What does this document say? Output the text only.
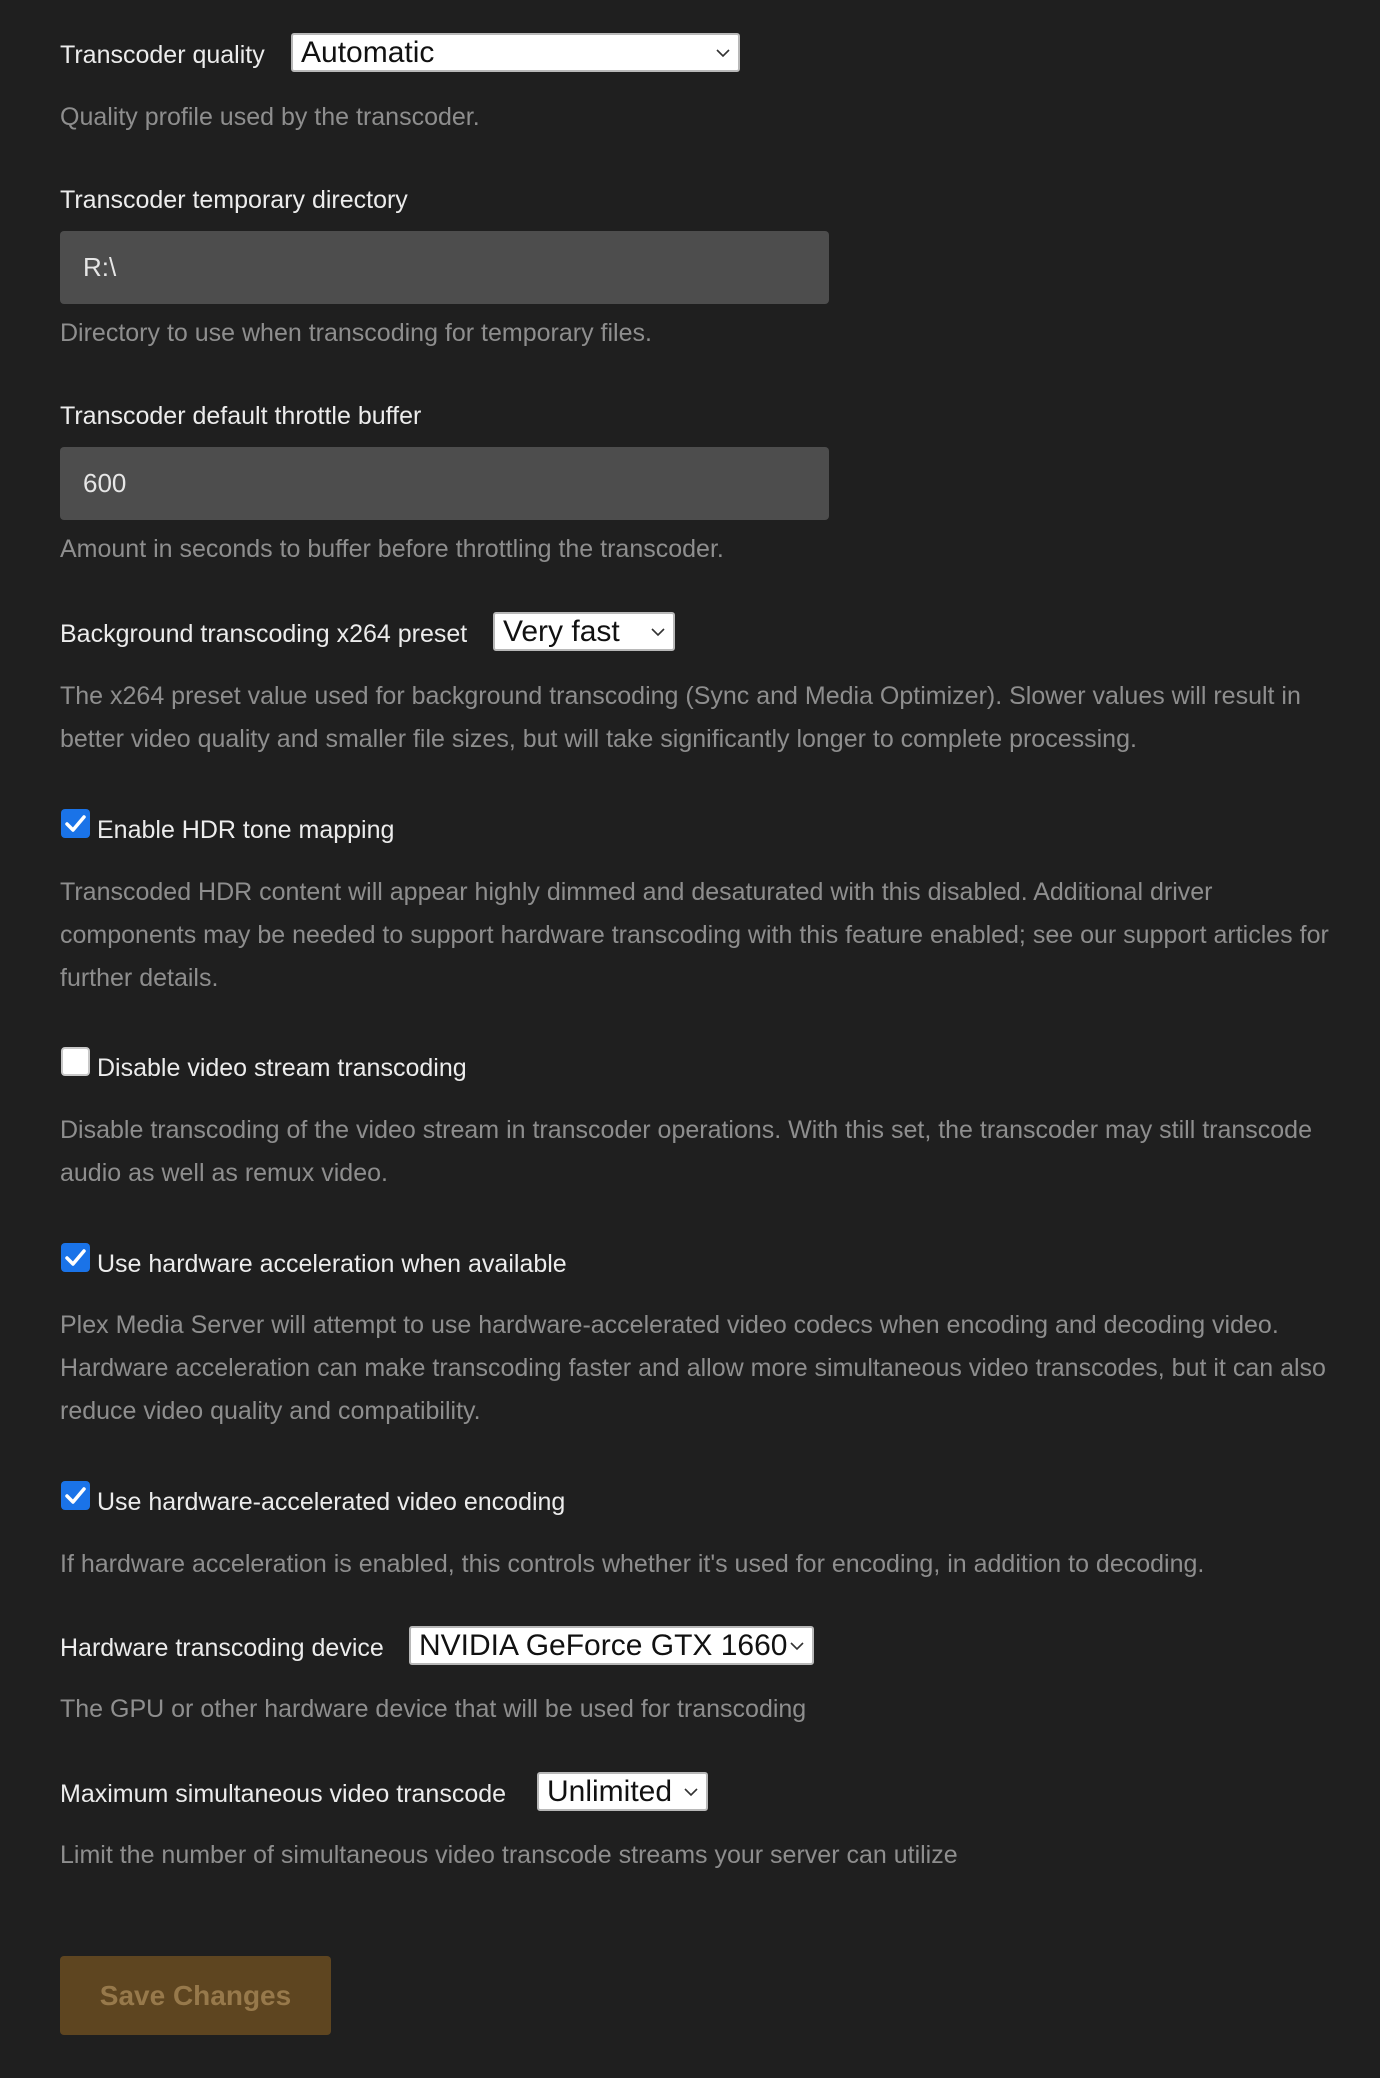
Transcoder quality Automatic
Quality profile used by the transcoder.
Transcoder temporary directory
R:\
Directory to use when transcoding for temporary files.
Transcoder default throttle buffer
600
Amount in seconds to buffer before throttling the transcoder.
Background transcoding x264 preset Very fast
The x264 preset value used for background transcoding (Sync and Media Optimizer). Slower values will result in better video quality and smaller file sizes, but will take significantly longer to complete processing.
Enable HDR tone mapping
Transcoded HDR content will appear highly dimmed and desaturated with this disabled. Additional driver components may be needed to support hardware transcoding with this feature enabled; see our support articles for further details.
Disable video stream transcoding
Disable transcoding of the video stream in transcoder operations. With this set, the transcoder may still transcode audio as well as remux video.
Use hardware acceleration when available
Plex Media Server will attempt to use hardware-accelerated video codecs when encoding and decoding video. Hardware acceleration can make transcoding faster and allow more simultaneous video transcodes, but it can also reduce video quality and compatibility.
Use hardware-accelerated video encoding
If hardware acceleration is enabled, this controls whether it's used for encoding, in addition to decoding.
Hardware transcoding device NVIDIA GeForce GTX 1660
The GPU or other hardware device that will be used for transcoding
Maximum simultaneous video transcode Unlimited
Limit the number of simultaneous video transcode streams your server can utilize
Save Changes
